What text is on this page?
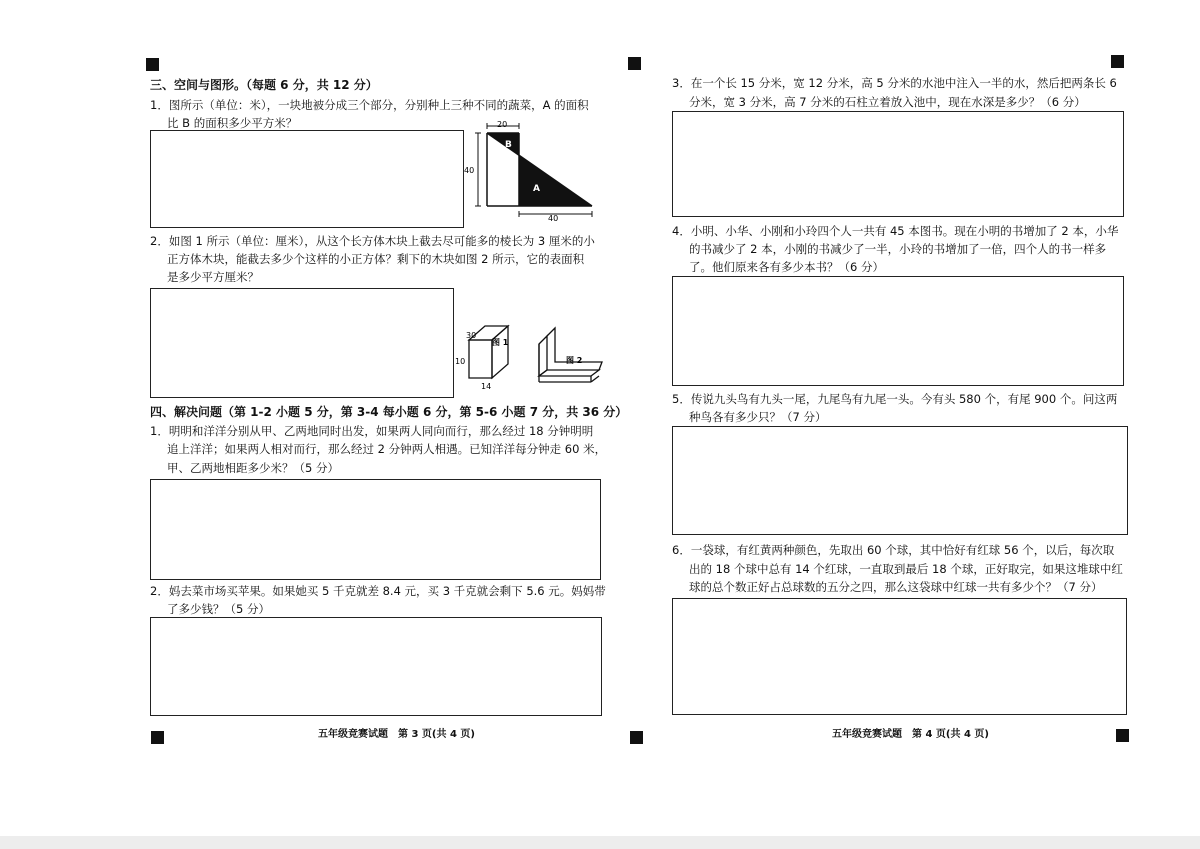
三、空间与图形。（每题 6 分，共 12 分）
1．图所示（单位：米），一块地被分成三个部分，分别种上三种不同的蔬菜，A 的面积
比 B 的面积多少平方米？	20
40
40
B
A
2．如图 1 所示（单位：厘米），从这个长方体木块上截去尽可能多的棱长为 3 厘米的小
正方体木块，能截去多少个这样的小正方体？剩下的木块如图 2 所示，它的表面积
是多少平方厘米？
30
10
14
图 1
图 2
四、解决问题（第 1-2 小题 5 分，第 3-4 每小题 6 分，第 5-6 小题 7 分，共 36 分）
1．明明和洋洋分别从甲、乙两地同时出发，如果两人同向而行，那么经过 18 分钟明明
追上洋洋；如果两人相对而行，那么经过 2 分钟两人相遇。已知洋洋每分钟走 60 米，
甲、乙两地相距多少米？（5 分）
2．妈去菜市场买苹果。如果她买 5 千克就差 8.4 元，买 3 千克就会剩下 5.6 元。妈妈带
了多少钱？（5 分）
五年级竞赛试题　第 3 页(共 4 页)
3．在一个长 15 分米，宽 12 分米，高 5 分米的水池中注入一半的水，然后把两条长 6
分米，宽 3 分米，高 7 分米的石柱立着放入池中，现在水深是多少？（6 分）
4．小明、小华、小刚和小玲四个人一共有 45 本图书。现在小明的书增加了 2 本，小华
的书减少了 2 本，小刚的书减少了一半，小玲的书增加了一倍，四个人的书一样多
了。他们原来各有多少本书？（6 分）
5．传说九头鸟有九头一尾，九尾鸟有九尾一头。今有头 580 个，有尾 900 个。问这两
种鸟各有多少只？（7 分）
6．一袋球，有红黄两种颜色，先取出 60 个球，其中恰好有红球 56 个，以后，每次取
出的 18 个球中总有 14 个红球，一直取到最后 18 个球，正好取完，如果这堆球中红
球的总个数正好占总球数的五分之四，那么这袋球中红球一共有多少个？（7 分）
五年级竞赛试题　第 4 页(共 4 页)
